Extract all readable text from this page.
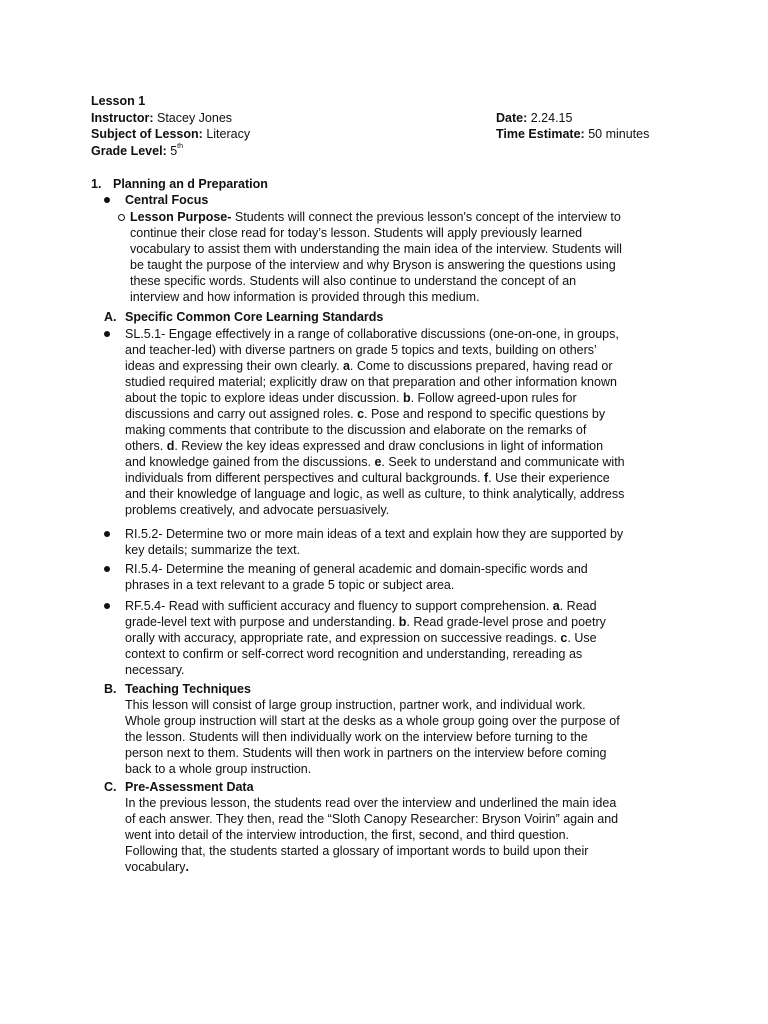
Lesson 1
Instructor: Stacey Jones	Date: 2.24.15
Subject of Lesson: Literacy	Time Estimate: 50 minutes
Grade Level: 5th
1. Planning an d Preparation
Central Focus
Lesson Purpose- Students will connect the previous lesson's concept of the interview to
continue their close read for today’s lesson. Students will apply previously learned
vocabulary to assist them with understanding the main idea of the interview. Students will
be taught the purpose of the interview and why Bryson is answering the questions using
these specific words. Students will also continue to understand the concept of an
interview and how information is provided through this medium.
A. Specific Common Core Learning Standards
SL.5.1- Engage effectively in a range of collaborative discussions (one-on-one, in groups,
and teacher-led) with diverse partners on grade 5 topics and texts, building on others’
ideas and expressing their own clearly. a. Come to discussions prepared, having read or
studied required material; explicitly draw on that preparation and other information known
about the topic to explore ideas under discussion. b. Follow agreed-upon rules for
discussions and carry out assigned roles. c. Pose and respond to specific questions by
making comments that contribute to the discussion and elaborate on the remarks of
others. d. Review the key ideas expressed and draw conclusions in light of information
and knowledge gained from the discussions. e. Seek to understand and communicate with
individuals from different perspectives and cultural backgrounds. f. Use their experience
and their knowledge of language and logic, as well as culture, to think analytically, address
problems creatively, and advocate persuasively.
RI.5.2- Determine two or more main ideas of a text and explain how they are supported by
key details; summarize the text.
RI.5.4- Determine the meaning of general academic and domain-specific words and
phrases in a text relevant to a grade 5 topic or subject area.
RF.5.4- Read with sufficient accuracy and fluency to support comprehension. a. Read
grade-level text with purpose and understanding. b. Read grade-level prose and poetry
orally with accuracy, appropriate rate, and expression on successive readings. c. Use
context to confirm or self-correct word recognition and understanding, rereading as
necessary.
B. Teaching Techniques
This lesson will consist of large group instruction, partner work, and individual work.
Whole group instruction will start at the desks as a whole group going over the purpose of
the lesson. Students will then individually work on the interview before turning to the
person next to them. Students will then work in partners on the interview before coming
back to a whole group instruction.
C. Pre-Assessment Data
In the previous lesson, the students read over the interview and underlined the main idea
of each answer. They then, read the “Sloth Canopy Researcher: Bryson Voirin” again and
went into detail of the interview introduction, the first, second, and third question.
Following that, the students started a glossary of important words to build upon their
vocabulary.
